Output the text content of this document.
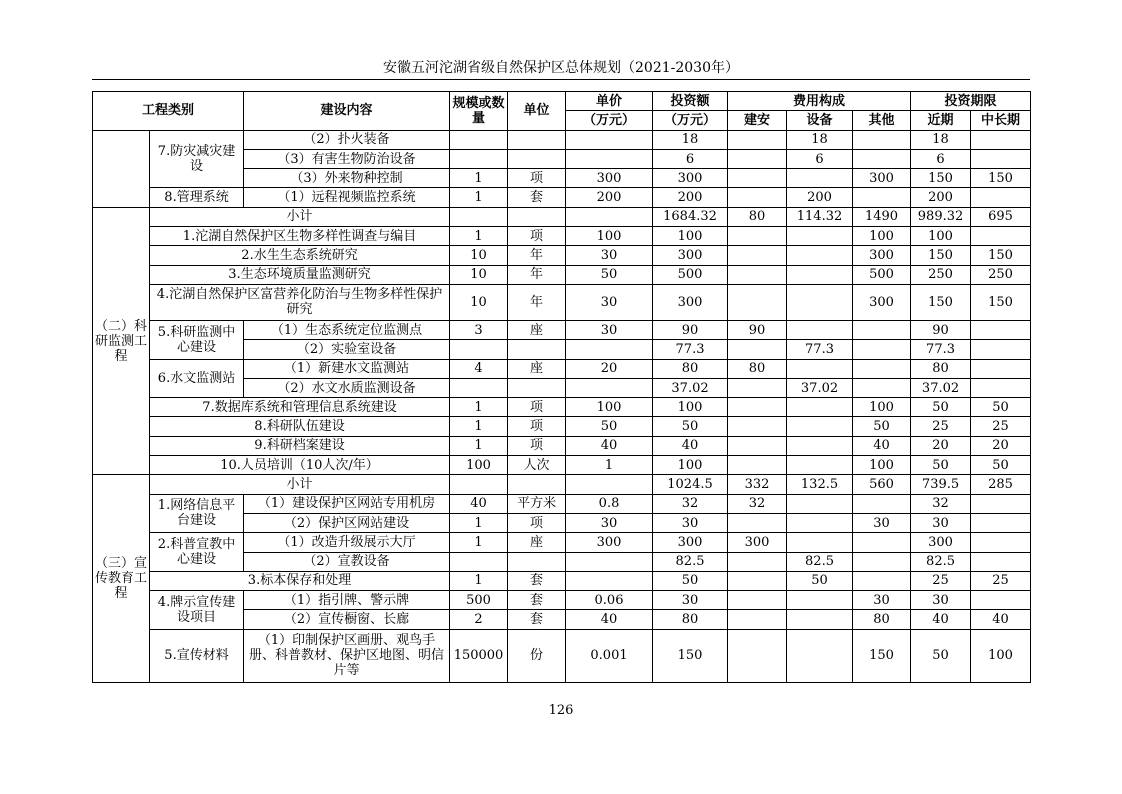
安徽五河沱湖省级自然保护区总体规划（2021-2030年）
工程类别		建设内容	规模或数量	单位	单价	投资额	费用构成			投资期限	
					（万元）	（万元）	建安	设备	其他	近期	中长期
	7.防灾减灾建设	（2）扑火装备				18		18		18	
		（3）有害生物防治设备				6		6		6	
		（3）外来物种控制	1	项	300	300			300	150	150
	8.管理系统	（1）远程视频监控系统	1	套	200	200		200		200	
（二）科研监测工程	小计					1684.32	80	114.32	1490	989.32	695
	1.沱湖自然保护区生物多样性调查与编目		1	项	100	100			100	100	
	2.水生生态系统研究		10	年	30	300			300	150	150
	3.生态环境质量监测研究		10	年	50	500			500	250	250
	4.沱湖自然保护区富营养化防治与生物多样性保护研究		10	年	30	300			300	150	150
	5.科研监测中心建设	（1）生态系统定位监测点	3	座	30	90	90			90	
		（2）实验室设备				77.3		77.3		77.3	
	6.水文监测站	（1）新建水文监测站	4	座	20	80	80			80	
		（2）水文水质监测设备				37.02		37.02		37.02	
	7.数据库系统和管理信息系统建设		1	项	100	100			100	50	50
	8.科研队伍建设		1	项	50	50			50	25	25
	9.科研档案建设		1	项	40	40			40	20	20
	10.人员培训（10人次/年）		100	人次	1	100			100	50	50
（三）宣传教育工程	小计					1024.5	332	132.5	560	739.5	285
	1.网络信息平台建设	（1）建设保护区网站专用机房	40	平方米	0.8	32	32			32	
		（2）保护区网站建设	1	项	30	30			30	30	
	2.科普宣教中心建设	（1）改造升级展示大厅	1	座	300	300	300			300	
		（2）宣教设备				82.5		82.5		82.5	
	3.标本保存和处理		1	套		50		50		25	25
	4.牌示宣传建设项目	（1）指引牌、警示牌	500	套	0.06	30			30	30	
		（2）宣传橱窗、长廊	2	套	40	80			80	40	40
	5.宣传材料	（1）印制保护区画册、观鸟手册、科普教材、保护区地图、明信片等	150000	份	0.001	150			150	50	100
126
